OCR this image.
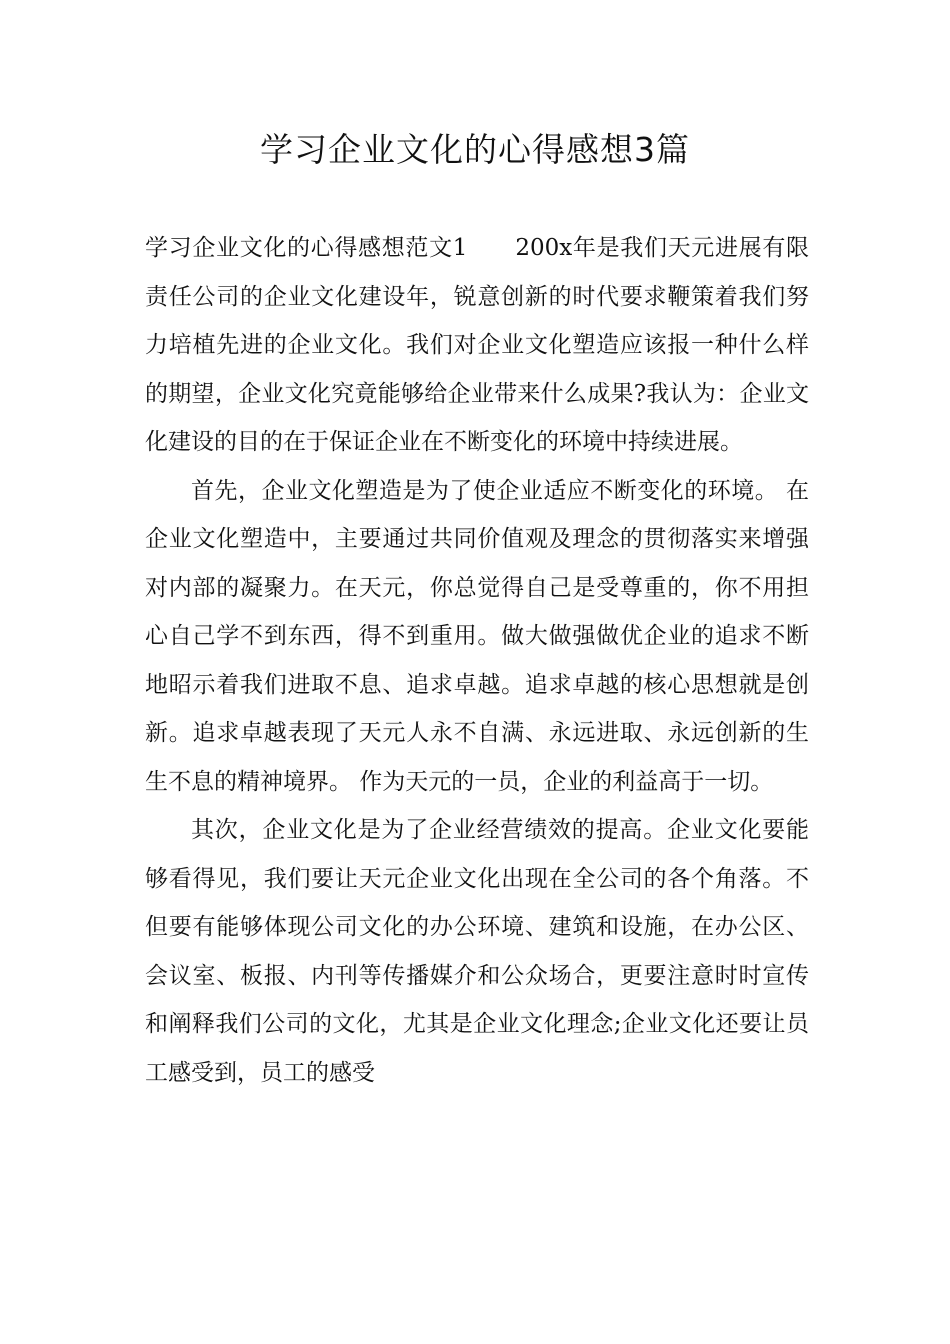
学习企业文化的心得感想3篇

学习企业文化的心得感想范文1　　200x年是我们天元进展有限责任公司的企业文化建设年，锐意创新的时代要求鞭策着我们努力培植先进的企业文化。我们对企业文化塑造应该报一种什么样的期望，企业文化究竟能够给企业带来什么成果?我认为：企业文化建设的目的在于保证企业在不断变化的环境中持续进展。

首先，企业文化塑造是为了使企业适应不断变化的环境。 在企业文化塑造中，主要通过共同价值观及理念的贯彻落实来增强对内部的凝聚力。在天元，你总觉得自己是受尊重的，你不用担心自己学不到东西，得不到重用。做大做强做优企业的追求不断地昭示着我们进取不息、追求卓越。追求卓越的核心思想就是创新。追求卓越表现了天元人永不自满、永远进取、永远创新的生生不息的精神境界。 作为天元的一员，企业的利益高于一切。

其次，企业文化是为了企业经营绩效的提高。企业文化要能够看得见，我们要让天元企业文化出现在全公司的各个角落。不但要有能够体现公司文化的办公环境、建筑和设施，在办公区、会议室、板报、内刊等传播媒介和公众场合，更要注意时时宣传和阐释我们公司的文化，尤其是企业文化理念;企业文化还要让员工感受到，员工的感受
